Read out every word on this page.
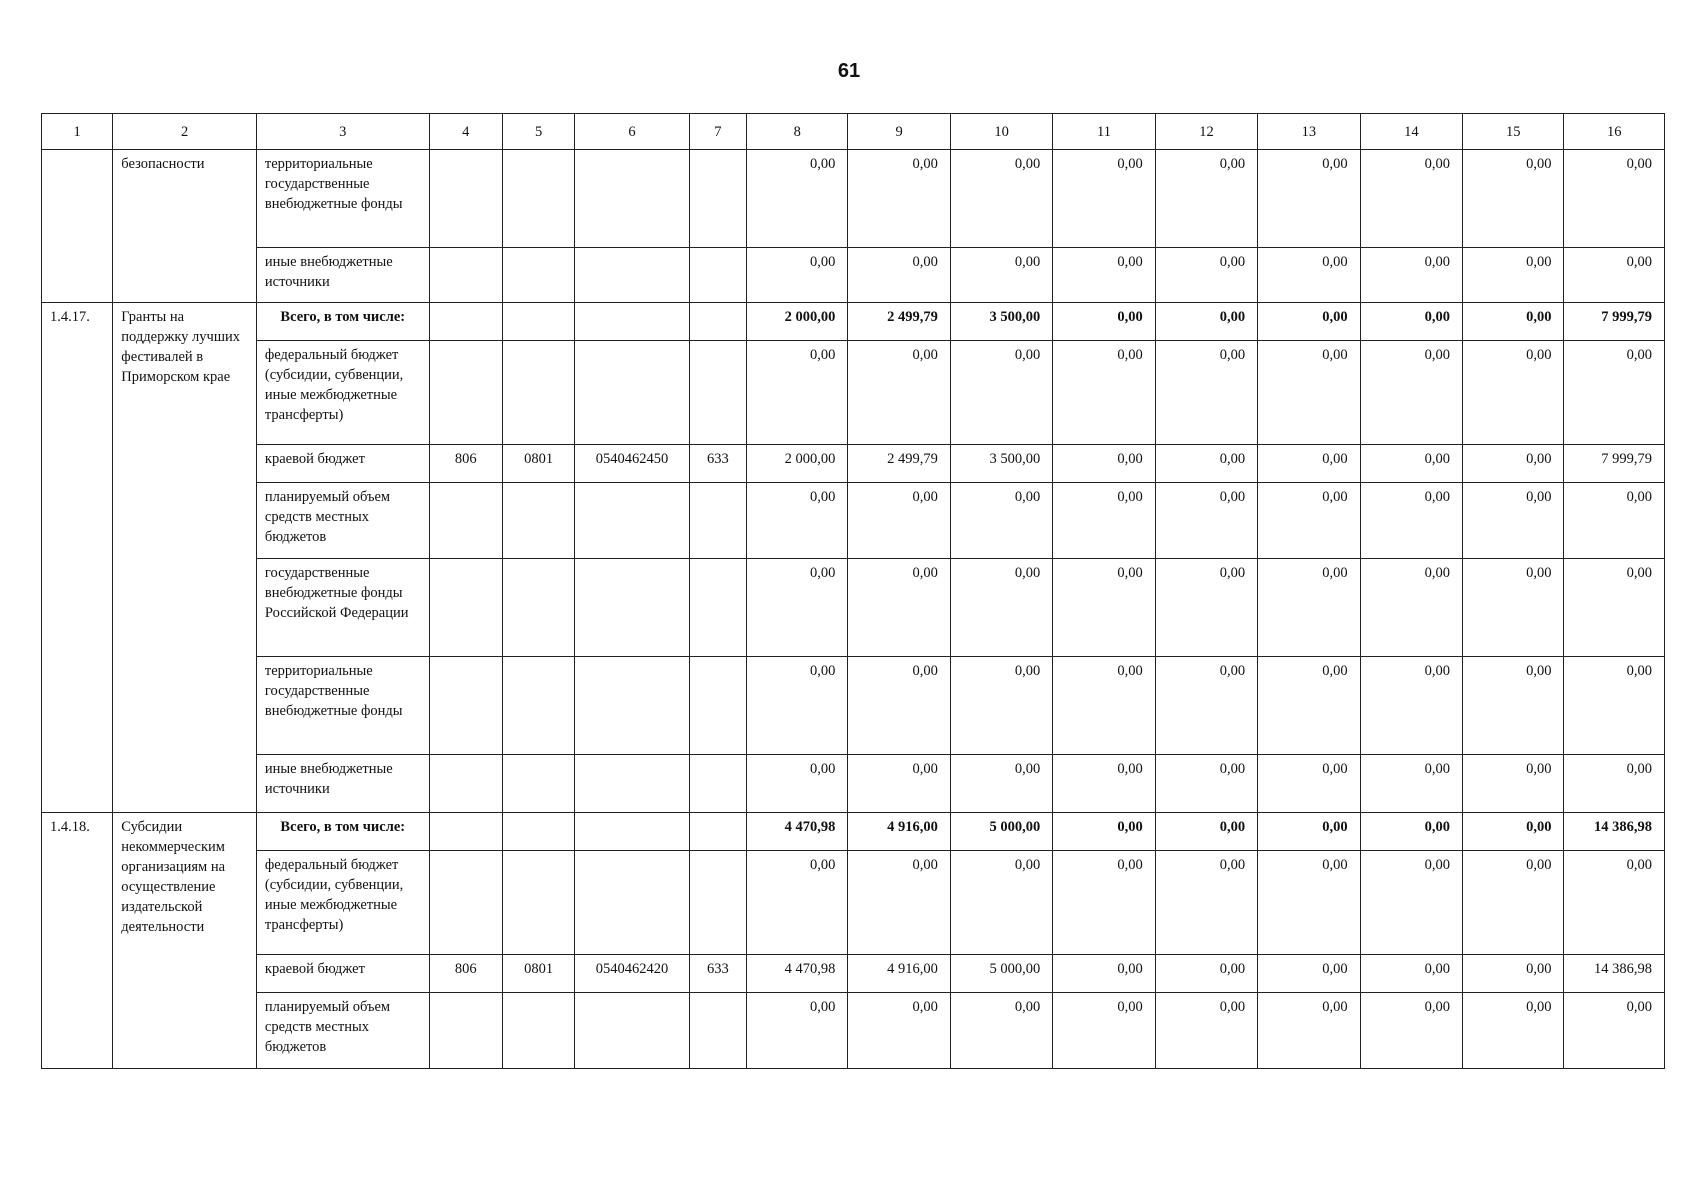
61
1	2	3	4	5	6	7	8	9	10	11	12	13	14	15	16
	безопасности	территориальные государственные внебюджетные фонды					0,00	0,00	0,00	0,00	0,00	0,00	0,00	0,00	0,00
		иные внебюджетные источники					0,00	0,00	0,00	0,00	0,00	0,00	0,00	0,00	0,00
1.4.17.	Гранты на поддержку лучших фестивалей в Приморском крае	Всего, в том числе:					2 000,00	2 499,79	3 500,00	0,00	0,00	0,00	0,00	0,00	7 999,79
		федеральный бюджет (субсидии, субвенции, иные межбюджетные трансферты)					0,00	0,00	0,00	0,00	0,00	0,00	0,00	0,00	0,00
		краевой бюджет	806	0801	0540462450	633	2 000,00	2 499,79	3 500,00	0,00	0,00	0,00	0,00	0,00	7 999,79
		планируемый объем средств местных бюджетов					0,00	0,00	0,00	0,00	0,00	0,00	0,00	0,00	0,00
		государственные внебюджетные фонды Российской Федерации					0,00	0,00	0,00	0,00	0,00	0,00	0,00	0,00	0,00
		территориальные государственные внебюджетные фонды					0,00	0,00	0,00	0,00	0,00	0,00	0,00	0,00	0,00
		иные внебюджетные источники					0,00	0,00	0,00	0,00	0,00	0,00	0,00	0,00	0,00
1.4.18.	Субсидии некоммерческим организациям на осуществление издательской деятельности	Всего, в том числе:					4 470,98	4 916,00	5 000,00	0,00	0,00	0,00	0,00	0,00	14 386,98
		федеральный бюджет (субсидии, субвенции, иные межбюджетные трансферты)					0,00	0,00	0,00	0,00	0,00	0,00	0,00	0,00	0,00
		краевой бюджет	806	0801	0540462420	633	4 470,98	4 916,00	5 000,00	0,00	0,00	0,00	0,00	0,00	14 386,98
		планируемый объем средств местных бюджетов					0,00	0,00	0,00	0,00	0,00	0,00	0,00	0,00	0,00
